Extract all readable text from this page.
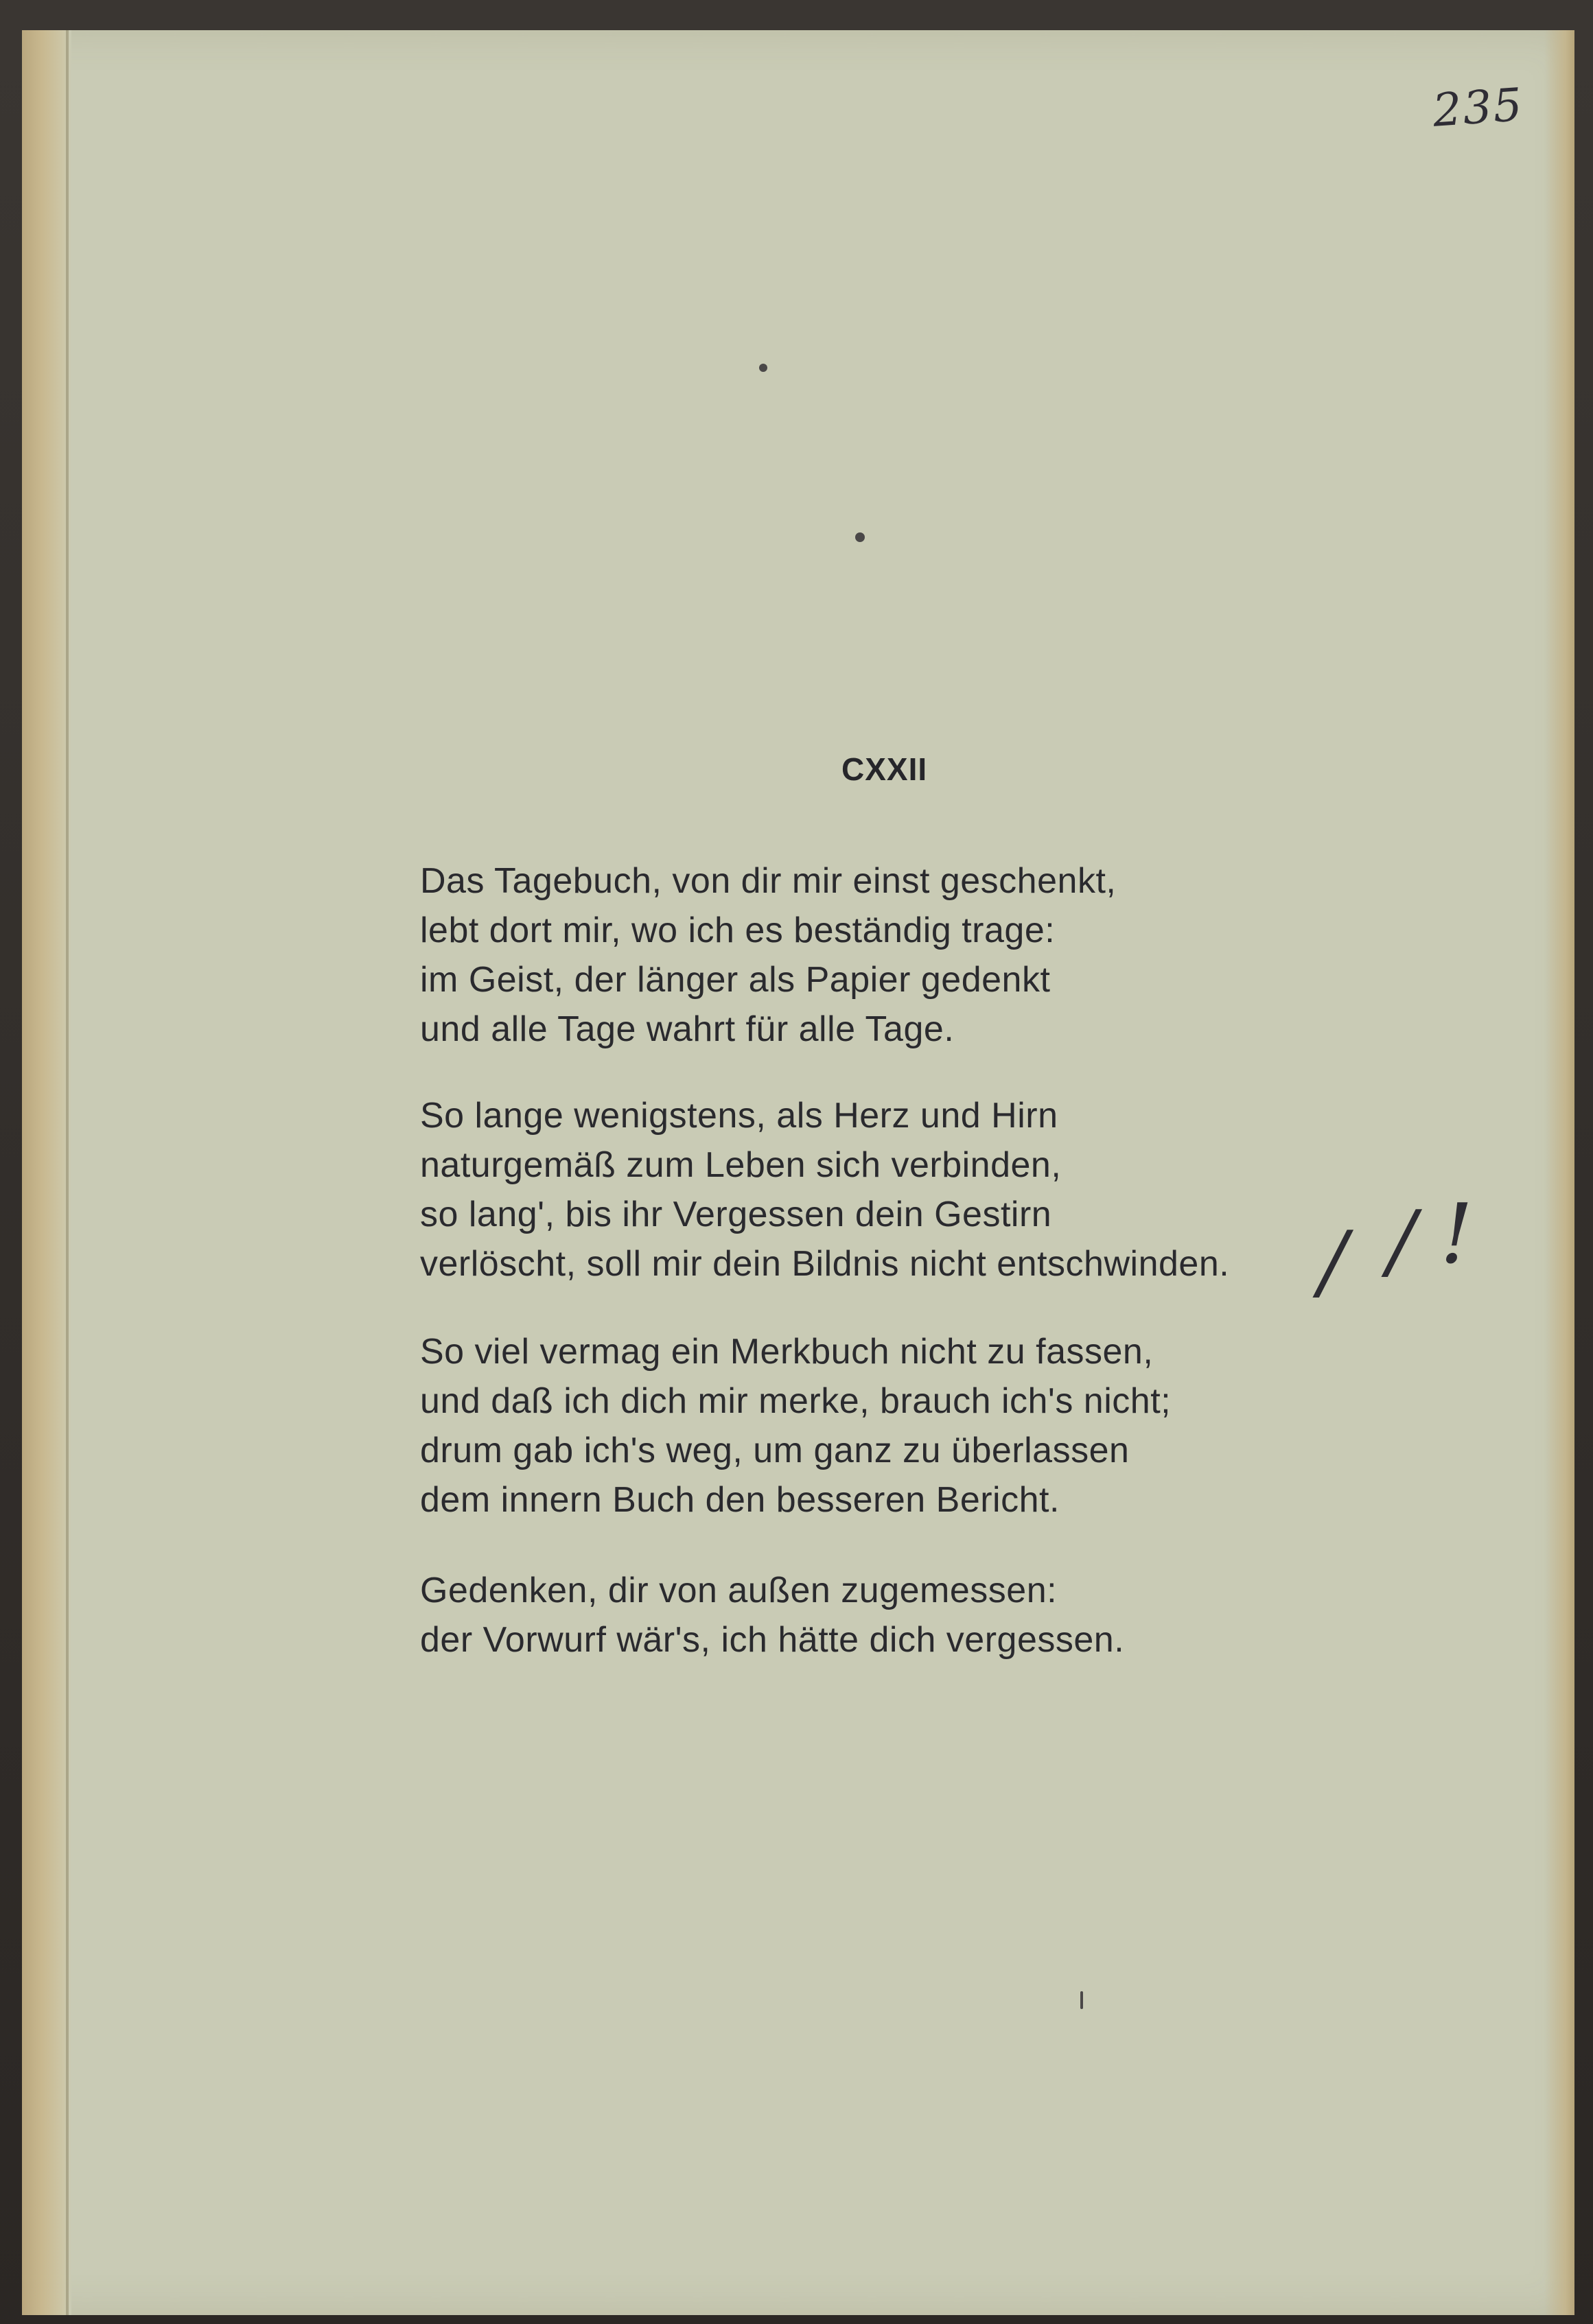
235
CXXII
Das Tagebuch, von dir mir einst geschenkt,
lebt dort mir, wo ich es beständig trage:
im Geist, der länger als Papier gedenkt
und alle Tage wahrt für alle Tage.
So lange wenigstens, als Herz und Hirn
naturgemäß zum Leben sich verbinden,
so lang', bis ihr Vergessen dein Gestirn
verlöscht, soll mir dein Bildnis nicht entschwinden.
So viel vermag ein Merkbuch nicht zu fassen,
und daß ich dich mir merke, brauch ich's nicht;
drum gab ich's weg, um ganz zu überlassen
dem innern Buch den besseren Bericht.
Gedenken, dir von außen zugemessen:
der Vorwurf wär's, ich hätte dich vergessen.
/ / !
